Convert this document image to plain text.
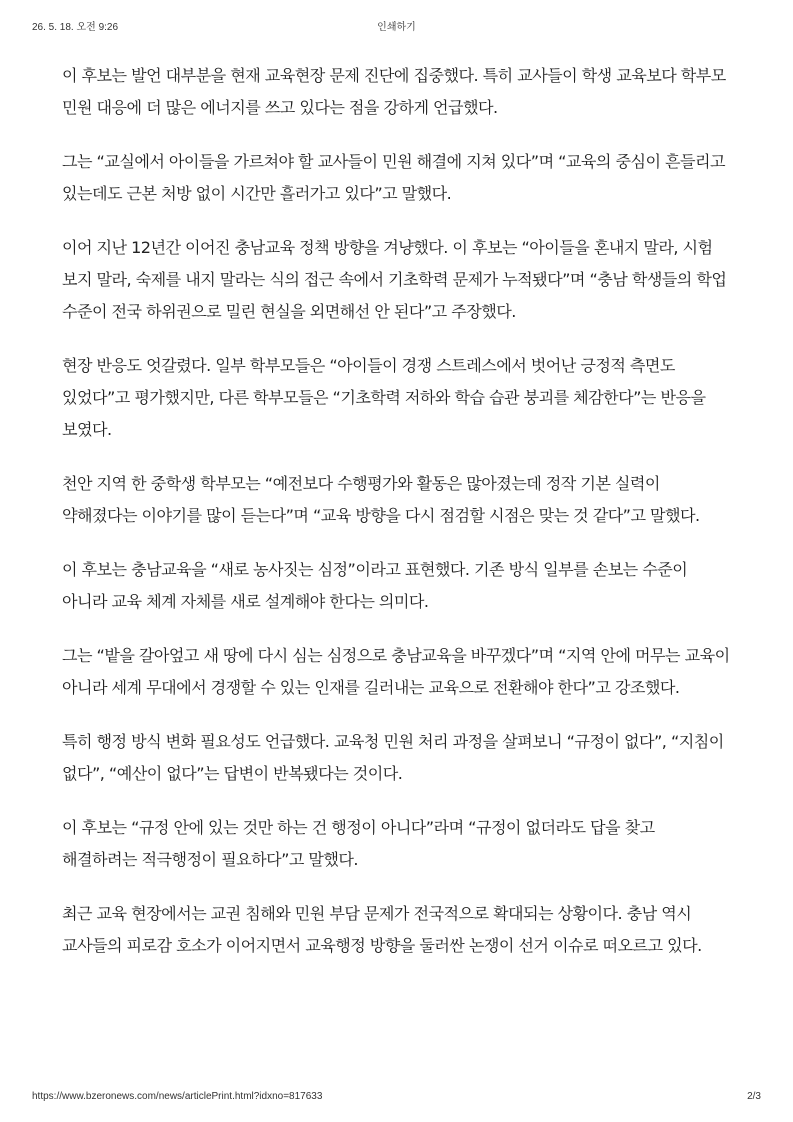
26. 5. 18. 오전 9:26	인쇄하기

이 후보는 발언 대부분을 현재 교육현장 문제 진단에 집중했다. 특히 교사들이 학생 교육보다 학부모 민원 대응에 더 많은 에너지를 쓰고 있다는 점을 강하게 언급했다.

그는 “교실에서 아이들을 가르쳐야 할 교사들이 민원 해결에 지쳐 있다”며 “교육의 중심이 흔들리고 있는데도 근본 처방 없이 시간만 흘러가고 있다”고 말했다.

이어 지난 12년간 이어진 충남교육 정책 방향을 겨냥했다. 이 후보는 “아이들을 혼내지 말라, 시험 보지 말라, 숙제를 내지 말라는 식의 접근 속에서 기초학력 문제가 누적됐다”며 “충남 학생들의 학업 수준이 전국 하위권으로 밀린 현실을 외면해선 안 된다”고 주장했다.

현장 반응도 엇갈렸다. 일부 학부모들은 “아이들이 경쟁 스트레스에서 벗어난 긍정적 측면도 있었다”고 평가했지만, 다른 학부모들은 “기초학력 저하와 학습 습관 붕괴를 체감한다”는 반응을 보였다.

천안 지역 한 중학생 학부모는 “예전보다 수행평가와 활동은 많아졌는데 정작 기본 실력이 약해졌다는 이야기를 많이 듣는다”며 “교육 방향을 다시 점검할 시점은 맞는 것 같다”고 말했다.

이 후보는 충남교육을 “새로 농사짓는 심정”이라고 표현했다. 기존 방식 일부를 손보는 수준이 아니라 교육 체계 자체를 새로 설계해야 한다는 의미다.

그는 “밭을 갈아엎고 새 땅에 다시 심는 심정으로 충남교육을 바꾸겠다”며 “지역 안에 머무는 교육이 아니라 세계 무대에서 경쟁할 수 있는 인재를 길러내는 교육으로 전환해야 한다”고 강조했다.

특히 행정 방식 변화 필요성도 언급했다. 교육청 민원 처리 과정을 살펴보니 “규정이 없다”, “지침이 없다”, “예산이 없다”는 답변이 반복됐다는 것이다.

이 후보는 “규정 안에 있는 것만 하는 건 행정이 아니다”라며 “규정이 없더라도 답을 찾고 해결하려는 적극행정이 필요하다”고 말했다.

최근 교육 현장에서는 교권 침해와 민원 부담 문제가 전국적으로 확대되는 상황이다. 충남 역시 교사들의 피로감 호소가 이어지면서 교육행정 방향을 둘러싼 논쟁이 선거 이슈로 떠오르고 있다.

https://www.bzeronews.com/news/articlePrint.html?idxno=817633	2/3
